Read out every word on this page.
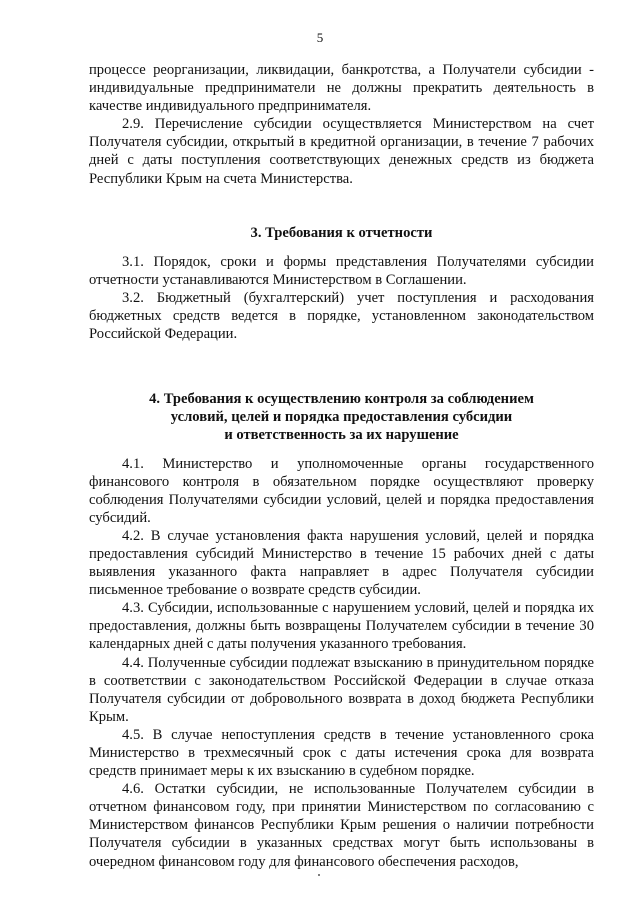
5

процессе реорганизации, ликвидации, банкротства, а Получатели субсидии - индивидуальные предприниматели не должны прекратить деятельность в качестве индивидуального предпринимателя.

2.9. Перечисление субсидии осуществляется Министерством на счет Получателя субсидии, открытый в кредитной организации, в течение 7 рабочих дней с даты поступления соответствующих денежных средств из бюджета Республики Крым на счета Министерства.

3. Требования к отчетности

3.1. Порядок, сроки и формы представления Получателями субсидии отчетности устанавливаются Министерством в Соглашении.

3.2. Бюджетный (бухгалтерский) учет поступления и расходования бюджетных средств ведется в порядке, установленном законодательством Российской Федерации.

4. Требования к осуществлению контроля за соблюдением
условий, целей и порядка предоставления субсидии
и ответственность за их нарушение

4.1. Министерство и уполномоченные органы государственного финансового контроля в обязательном порядке осуществляют проверку соблюдения Получателями субсидии условий, целей и порядка предоставления субсидий.

4.2. В случае установления факта нарушения условий, целей и порядка предоставления субсидий Министерство в течение 15 рабочих дней с даты выявления указанного факта направляет в адрес Получателя субсидии письменное требование о возврате средств субсидии.

4.3. Субсидии, использованные с нарушением условий, целей и порядка их предоставления, должны быть возвращены Получателем субсидии в течение 30 календарных дней с даты получения указанного требования.

4.4. Полученные субсидии подлежат взысканию в принудительном порядке в соответствии с законодательством Российской Федерации в случае отказа Получателя субсидии от добровольного возврата в доход бюджета Республики Крым.

4.5. В случае непоступления средств в течение установленного срока Министерство в трехмесячный срок с даты истечения срока для возврата средств принимает меры к их взысканию в судебном порядке.

4.6. Остатки субсидии, не использованные Получателем субсидии в отчетном финансовом году, при принятии Министерством по согласованию с Министерством финансов Республики Крым решения о наличии потребности Получателя субсидии в указанных средствах могут быть использованы в очередном финансовом году для финансового обеспечения расходов,
